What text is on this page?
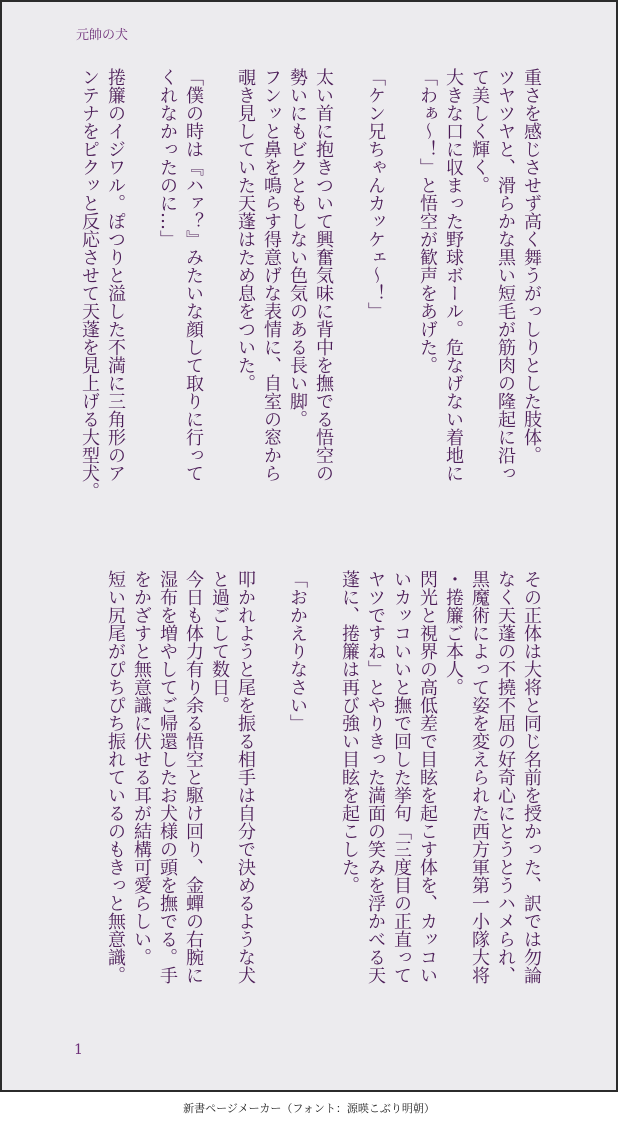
元帥の犬

重さを感じさせず高く舞うがっしりとした肢体。

ツヤツヤと、滑らかな黒い短毛が筋肉の隆起に沿っ

て美しく輝く。

大きな口に収まった野球ボール。危なげない着地に

「わぁ〜！」と悟空が歓声をあげた。

「ケン兄ちゃんカッケェ〜！」

太い首に抱きついて興奮気味に背中を撫でる悟空の

勢いにもビクともしない色気のある長い脚。

フンッと鼻を鳴らす得意げな表情に、自室の窓から

覗き見していた天蓬はため息をついた。

「僕の時は『ハァ？』みたいな顔して取りに行って

くれなかったのに…」

捲簾のイジワル。ぽつりと溢した不満に三角形のア

ンテナをピクッと反応させて天蓬を見上げる大型犬。

その正体は大将と同じ名前を授かった、訳では勿論

なく天蓬の不撓不屈の好奇心にとうとうハメられ、

黒魔術によって姿を変えられた西方軍第一小隊大将

・捲簾ご本人。

閃光と視界の高低差で目眩を起こす体を、カッコい

いカッコいいと撫で回した挙句「三度目の正直って

ヤツですね」とやりきった満面の笑みを浮かべる天

蓬に、捲簾は再び強い目眩を起こした。

「おかえりなさい」

叩かれようと尾を振る相手は自分で決めるような犬

と過ごして数日。

今日も体力有り余る悟空と駆け回り、金蟬の右腕に

湿布を増やしてご帰還したお犬様の頭を撫でる。手

をかざすと無意識に伏せる耳が結構可愛らしい。

短い尻尾がぴちぴち振れているのもきっと無意識。

1
新書ページメーカー（フォント：源暎こぶり明朝）
